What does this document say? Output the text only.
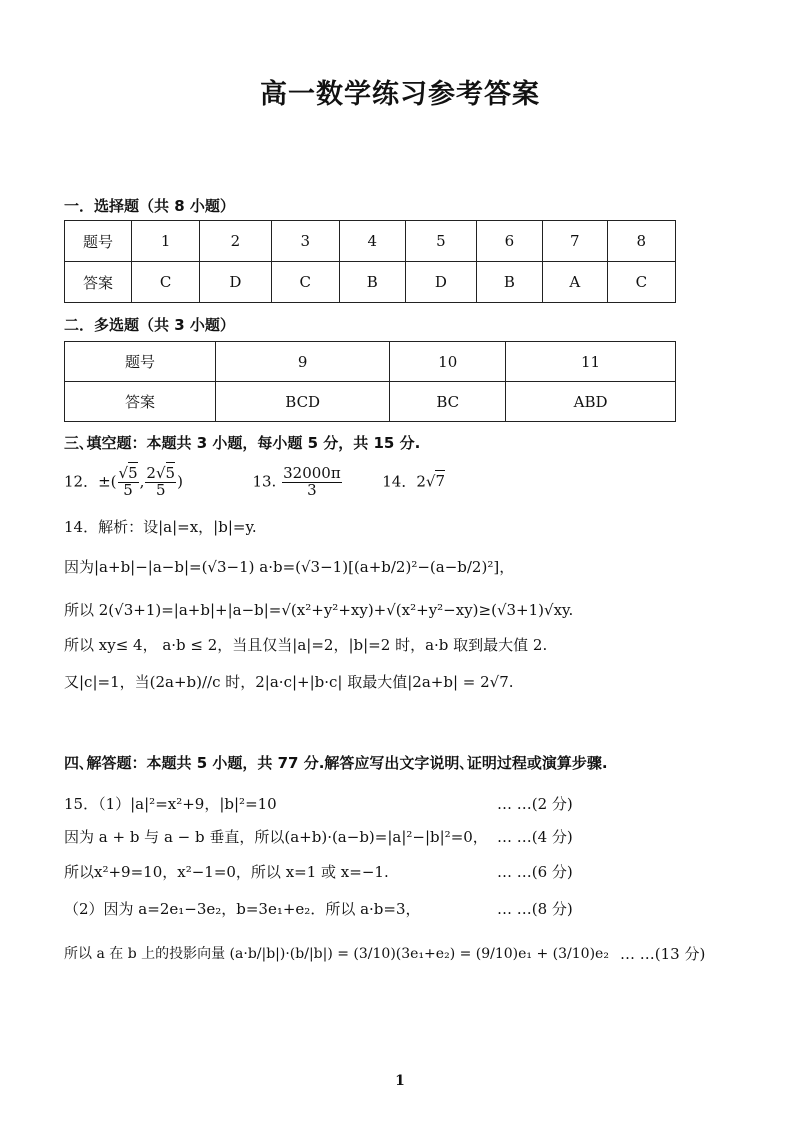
高一数学练习参考答案
一．选择题（共 8 小题）
题号	1	2	3	4	5	6	7	8
答案	C	D	C	B	D	B	A	C
二．多选题（共 3 小题）
题号	9	10	11
答案	BCD	BC	ABD
三､填空题：本题共 3 小题，每小题 5 分，共 15 分.
12．±( $\frac{√5}{5}$ , $\frac{2√5}{5}$ )	13. $\frac{32000\pi}{3}$	14．2√7
14．解析：设|a|=x，|b|=y.
因为|a+b|−|a−b|=(√3−1) a·b=(√3−1)[(a+b/2)²−(a−b/2)²]，
所以 2(√3+1)=|a+b|+|a−b|=√(x²+y²+xy)+√(x²+y²−xy)≥(√3+1)√xy.
所以 xy≤ 4， a·b ≤ 2，当且仅当|a|=2，|b|=2 时，a·b 取到最大值 2.
又|c|=1，当(2a+b)//c 时，2|a·c|+|b·c| 取最大值|2a+b| = 2√7.
四､解答题：本题共 5 小题，共 77 分.解答应写出文字说明､证明过程或演算步骤.
15．（1）|a|²=x²+9，|b|²=10	… …(2 分)
因为 a + b 与 a − b 垂直，所以(a+b)·(a−b)=|a|²−|b|²=0， … …(4 分)
所以x²+9=10，x²−1=0，所以 x=1 或 x=−1.	… …(6 分)
（2）因为 a=2e₁−3e₂，b=3e₁+e₂．所以 a·b=3，	… …(8 分)
所以 a 在 b 上的投影向量 (a·b/|b|)·(b/|b|) = (3/10)(3e₁+e₂) = (9/10)e₁ + (3/10)e₂ … …(13 分)
1
